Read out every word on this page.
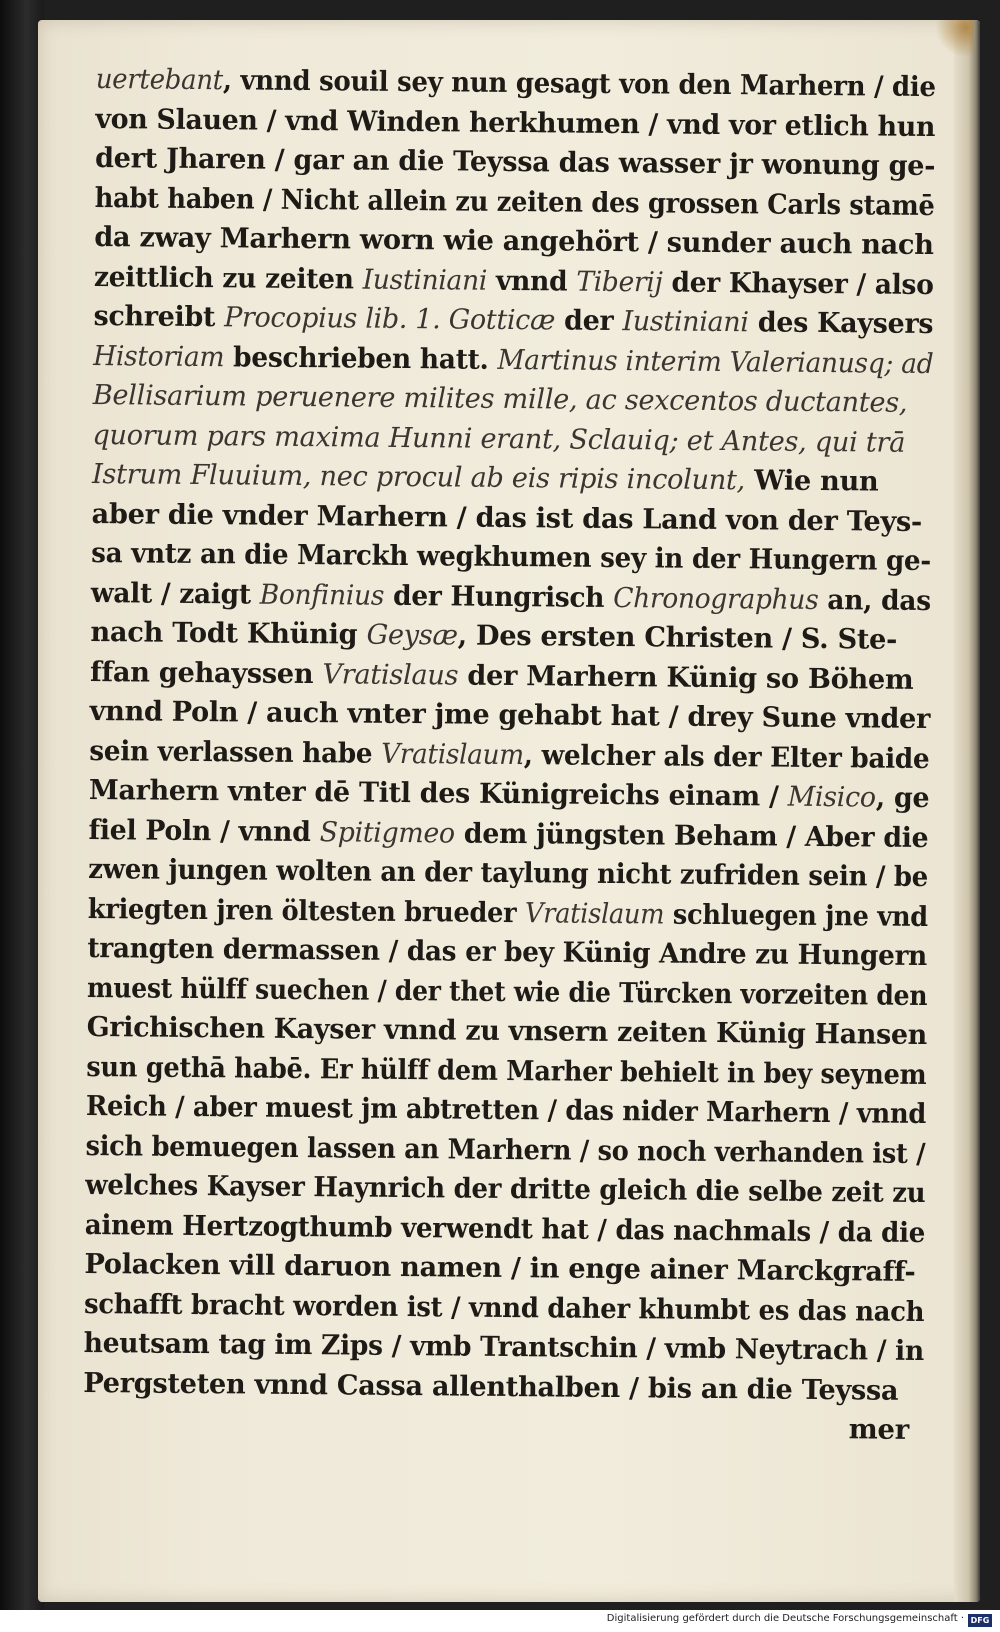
uertebant, vnnd souil sey nun gesagt von den Marhern / die
von Slauen / vnd Winden herkhumen / vnd vor etlich hun
dert Jharen / gar an die Teyssa das wasser jr wonung ge-
habt haben / Nicht allein zu zeiten des grossen Carls stamē
da zway Marhern worn wie angehört / sunder auch nach
zeittlich zu zeiten Iustiniani vnnd Tiberij der Khayser / also
schreibt Procopius lib. 1. Gotticæ der Iustiniani des Kaysers
Historiam beschrieben hatt. Martinus interim Valerianusq; ad
Bellisarium peruenere milites mille, ac sexcentos ductantes,
quorum pars maxima Hunni erant, Sclauiq; et Antes, qui trā
Istrum Fluuium, nec procul ab eis ripis incolunt, Wie nun
aber die vnder Marhern / das ist das Land von der Teys-
sa vntz an die Marckh wegkhumen sey in der Hungern ge-
walt / zaigt Bonfinius der Hungrisch Chronographus an, das
nach Todt Khünig Geysæ, Des ersten Christen / S. Ste-
ffan gehayssen Vratislaus der Marhern Künig so Böhem
vnnd Poln / auch vnter jme gehabt hat / drey Sune vnder
sein verlassen habe Vratislaum, welcher als der Elter baide
Marhern vnter dē Titl des Künigreichs einam / Misico, ge
fiel Poln / vnnd Spitigmeo dem jüngsten Beham / Aber die
zwen jungen wolten an der taylung nicht zufriden sein / be
kriegten jren öltesten brueder Vratislaum schluegen jne vnd
trangten dermassen / das er bey Künig Andre zu Hungern
muest hülff suechen / der thet wie die Türcken vorzeiten den
Grichischen Kayser vnnd zu vnsern zeiten Künig Hansen
sun gethā habē. Er hülff dem Marher behielt in bey seynem
Reich / aber muest jm abtretten / das nider Marhern / vnnd
sich bemuegen lassen an Marhern / so noch verhanden ist /
welches Kayser Haynrich der dritte gleich die selbe zeit zu
ainem Hertzogthumb verwendt hat / das nachmals / da die
Polacken vill daruon namen / in enge ainer Marckgraff-
schafft bracht worden ist / vnnd daher khumbt es das nach
heutsam tag im Zips / vmb Trantschin / vmb Neytrach / in
Pergsteten vnnd Cassa allenthalben / bis an die Teyssa
mer
Digitalisierung gefördert durch die Deutsche Forschungsgemeinschaft · DFG
